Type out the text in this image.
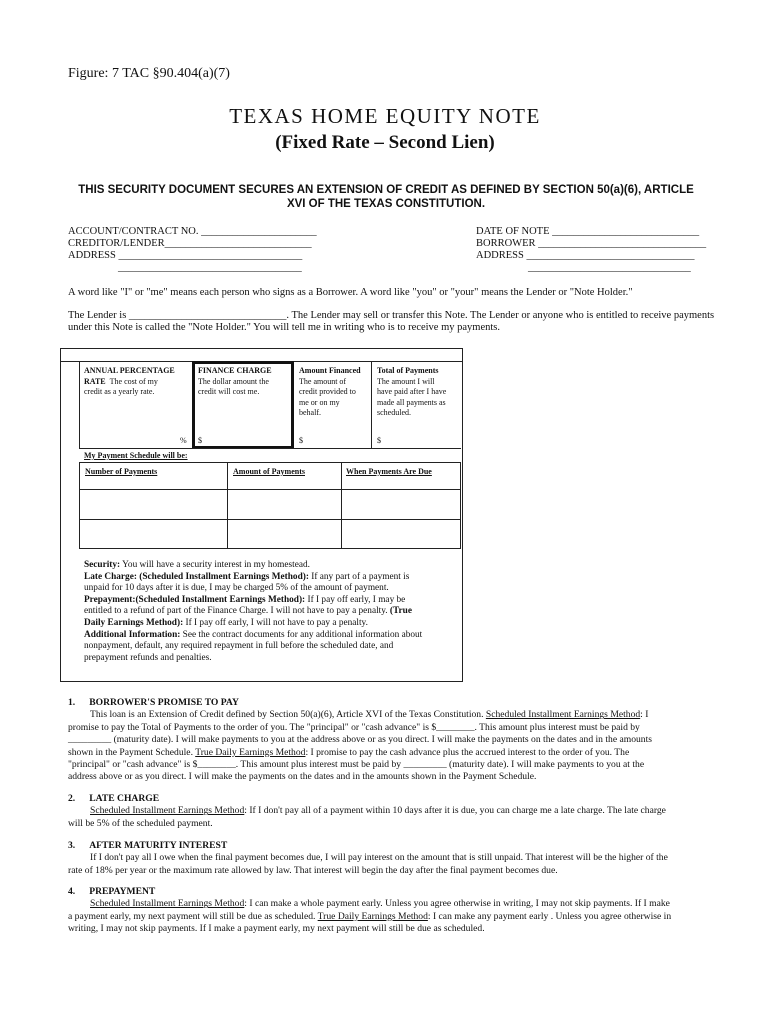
Figure: 7 TAC §90.404(a)(7)
TEXAS HOME EQUITY NOTE
(Fixed Rate – Second Lien)
THIS SECURITY DOCUMENT SECURES AN EXTENSION OF CREDIT AS DEFINED BY SECTION 50(a)(6), ARTICLE XVI OF THE TEXAS CONSTITUTION.
ACCOUNT/CONTRACT NO. ______________________
CREDITOR/LENDER____________________________
ADDRESS ___________________________________
___________________________________
DATE OF NOTE ____________________________
BORROWER ________________________________
ADDRESS ________________________________
_______________________________
A word like "I" or "me" means each person who signs as a Borrower. A word like "you" or "your" means the Lender or "Note Holder."
The Lender is ______________________________. The Lender may sell or transfer this Note. The Lender or anyone who is entitled to receive payments
under this Note is called the "Note Holder." You will tell me in writing who is to receive my payments.
ANNUAL PERCENTAGE
RATE The cost of my
credit as a yearly rate.
%
FINANCE CHARGE
The dollar amount the
credit will cost me.
$
Amount Financed
The amount of
credit provided to
me or on my
behalf.
$
Total of Payments
The amount I will
have paid after I have
made all payments as
scheduled.
$
My Payment Schedule will be:
Number of Payments	Amount of Payments	When Payments Are Due
Security: You will have a security interest in my homestead.
Late Charge: (Scheduled Installment Earnings Method): If any part of a payment is
unpaid for 10 days after it is due, I may be charged 5% of the amount of payment.
Prepayment:(Scheduled Installment Earnings Method): If I pay off early, I may be
entitled to a refund of part of the Finance Charge. I will not have to pay a penalty. (True
Daily Earnings Method): If I pay off early, I will not have to pay a penalty.
Additional Information: See the contract documents for any additional information about
nonpayment, default, any required repayment in full before the scheduled date, and
prepayment refunds and penalties.
1. BORROWER'S PROMISE TO PAY
This loan is an Extension of Credit defined by Section 50(a)(6), Article XVI of the Texas Constitution. Scheduled Installment Earnings Method: I
promise to pay the Total of Payments to the order of you. The "principal" or "cash advance" is $________. This amount plus interest must be paid by
_________ (maturity date). I will make payments to you at the address above or as you direct. I will make the payments on the dates and in the amounts
shown in the Payment Schedule. True Daily Earnings Method: I promise to pay the cash advance plus the accrued interest to the order of you. The
"principal" or "cash advance" is $________. This amount plus interest must be paid by _________ (maturity date). I will make payments to you at the
address above or as you direct. I will make the payments on the dates and in the amounts shown in the Payment Schedule.
2. LATE CHARGE
Scheduled Installment Earnings Method: If I don't pay all of a payment within 10 days after it is due, you can charge me a late charge. The late charge
will be 5% of the scheduled payment.
3. AFTER MATURITY INTEREST
If I don't pay all I owe when the final payment becomes due, I will pay interest on the amount that is still unpaid. That interest will be the higher of the
rate of 18% per year or the maximum rate allowed by law. That interest will begin the day after the final payment becomes due.
4. PREPAYMENT
Scheduled Installment Earnings Method: I can make a whole payment early. Unless you agree otherwise in writing, I may not skip payments. If I make
a payment early, my next payment will still be due as scheduled. True Daily Earnings Method: I can make any payment early . Unless you agree otherwise in
writing, I may not skip payments. If I make a payment early, my next payment will still be due as scheduled.
